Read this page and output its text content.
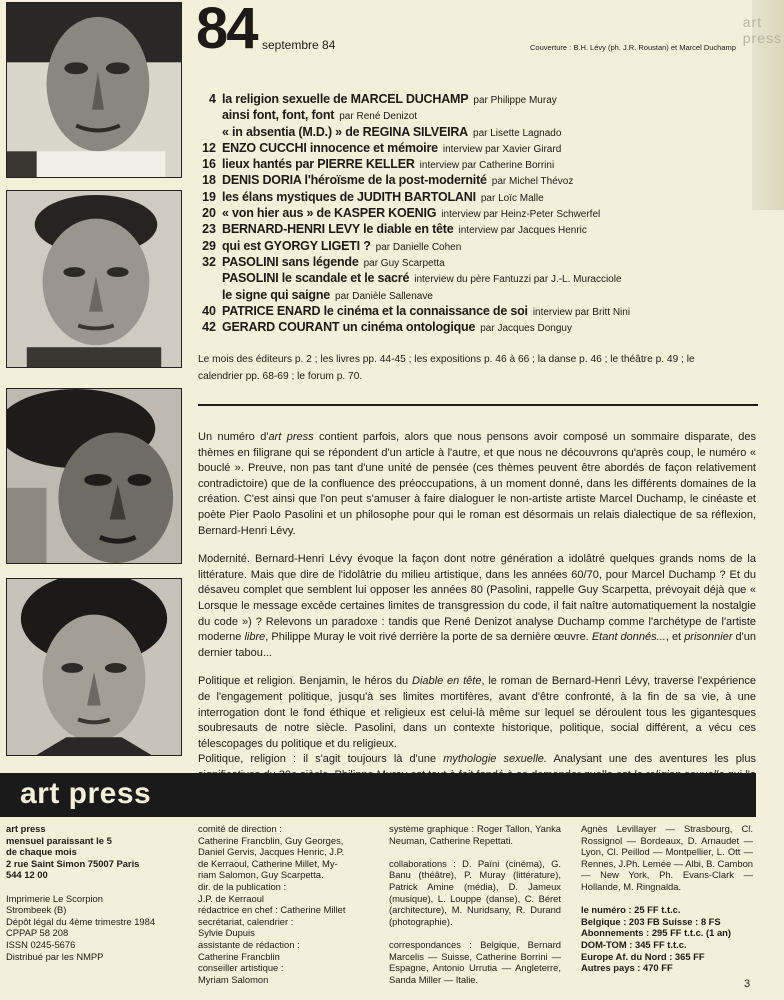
84 septembre 84	Couverture : B.H. Lévy (ph. J.R. Roustan) et Marcel Duchamp
art press
4 la religion sexuelle de MARCEL DUCHAMP par Philippe Muray
ainsi font, font, font par René Denizot
« in absentia (M.D.) » de REGINA SILVEIRA par Lisette Lagnado
12 ENZO CUCCHI innocence et mémoire interview par Xavier Girard
16 lieux hantés par PIERRE KELLER interview par Catherine Borrini
18 DENIS DORIA l'héroïsme de la post-modernité par Michel Thévoz
19 les élans mystiques de JUDITH BARTOLANI par Loïc Malle
20 « von hier aus » de KASPER KOENIG interview par Heinz-Peter Schwerfel
23 BERNARD-HENRI LEVY le diable en tête interview par Jacques Henric
29 qui est GYORGY LIGETI ? par Danielle Cohen
32 PASOLINI sans légende par Guy Scarpetta
PASOLINI le scandale et le sacré interview du père Fantuzzi par J.-L. Muracciole
le signe qui saigne par Danièle Sallenave
40 PATRICE ENARD le cinéma et la connaissance de soi interview par Britt Nini
42 GERARD COURANT un cinéma ontologique par Jacques Donguy
Le mois des éditeurs p. 2 ; les livres pp. 44-45 ; les expositions p. 46 à 66 ; la danse p. 46 ; le théâtre p. 49 ; le calendrier pp. 68-69 ; le forum p. 70.

Un numéro d'art press contient parfois, alors que nous pensons avoir composé un sommaire disparate, des thèmes en filigrane qui se répondent d'un article à l'autre, et que nous ne découvrons qu'après coup, le numéro « bouclé ». Preuve, non pas tant d'une unité de pensée (ces thèmes peuvent être abordés de façon relativement contradictoire) que de la confluence des préoccupations, à un moment donné, dans les différents domaines de la création. C'est ainsi que l'on peut s'amuser à faire dialoguer le non-artiste artiste Marcel Duchamp, le cinéaste et poète Pier Paolo Pasolini et un philosophe pour qui le roman est désormais un relais dialectique de sa réflexion, Bernard-Henri Lévy.

Modernité. Bernard-Henri Lévy évoque la façon dont notre génération a idolâtré quelques grands noms de la littérature. Mais que dire de l'idolâtrie du milieu artistique, dans les années 60/70, pour Marcel Duchamp ? Et du désaveu complet que semblent lui opposer les années 80 (Pasolini, rappelle Guy Scarpetta, prévoyait déjà que « Lorsque le message excède certaines limites de transgression du code, il fait naître automatiquement la nostalgie du code ») ? Relevons un paradoxe : tandis que René Denizot analyse Duchamp comme l'archétype de l'artiste moderne libre, Philippe Muray le voit rivé derrière la porte de sa dernière œuvre. Etant donnés..., et prisonnier d'un dernier tabou...

Politique et religion. Benjamin, le héros du Diable en tête, le roman de Bernard-Henri Lévy, traverse l'expérience de l'engagement politique, jusqu'à ses limites mortifères, avant d'être confronté, à la fin de sa vie, à une interrogation dont le fond éthique et religieux est celui-là même sur lequel se déroulent tous les gigantesques soubresauts de notre siècle. Pasolini, dans un contexte historique, politique, social différent, a vécu ces télescopages du politique et du religieux.

Politique, religion : il s'agit toujours là d'une mythologie sexuelle. Analysant une des aventures les plus

art press
art press
mensuel paraissant le 5
de chaque mois
2 rue Saint Simon 75007 Paris
544 12 00
Imprimerie Le Scorpion
Strombeek (B)
Dépôt légal du 4ème trimestre 1984
CPPAP 58 208
ISSN 0245-5676
Distribué par les NMPP
comité de direction :
Catherine Francblin, Guy Georges,
Daniel Gervis, Jacques Henric, J.P.
de Kerraoul, Catherine Millet, My-
riam Salomon, Guy Scarpetta.
dir. de la publication :
J.P. de Kerraoul
rédactrice en chef : Catherine Millet
secrétariat, calendrier :
Sylvie Dupuis
assistante de rédaction :
Catherine Francblin
conseiller artistique :
Myriam Salomon
système graphique : Roger Tallon, Yanka Neuman, Catherine Repettati.
collaborations : D. Païni (cinéma), G. Banu (théâtre), P. Muray (littérature), Patrick Amine (média), D. Jameux (musique), L. Louppe (danse), C. Béret (architecture), M. Nuridsany, R. Durand (photographie).
correspondances : Belgique, Bernard Marcelis — Suisse, Catherine Borrini — Espagne, Antonio Urrutia — Angleterre, Sanda Miller — Italie.
Agnès Levillayer — Strasbourg, Cl. Rossignol — Bordeaux, D. Arnaudet — Lyon, Cl. Peillod — Montpellier, L. Ott — Rennes, J.Ph. Lemée — Albi, B. Cambon — New York, Ph. Evans-Clark — Hollande, M. Ringnalda.
le numéro : 25 FF t.t.c.
Belgique : 203 FB Suisse : 8 FS
Abonnements : 295 FF t.t.c. (1 an)
DOM-TOM : 345 FF t.t.c.
Europe Af. du Nord : 365 FF
Autres pays : 470 FF
3
